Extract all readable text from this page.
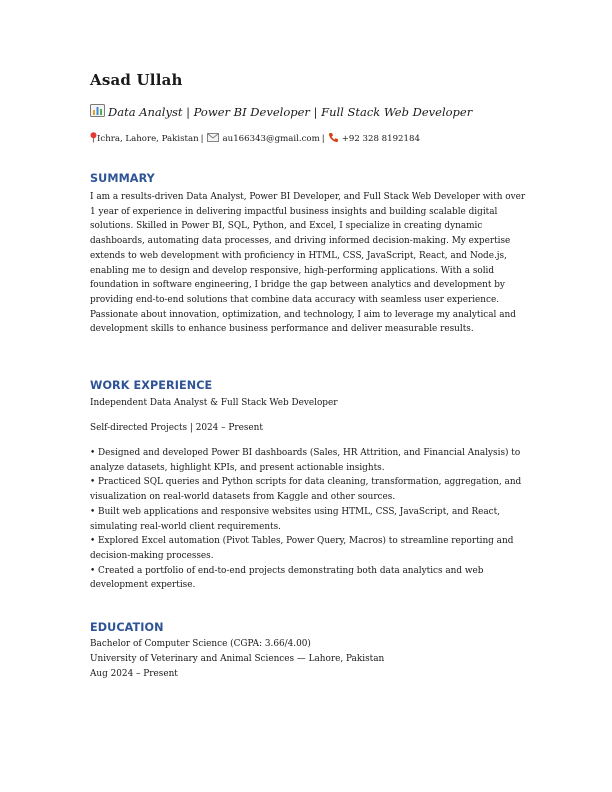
Asad Ullah
Data Analyst | Power BI Developer | Full Stack Web Developer
Ichra, Lahore, Pakistan | au166343@gmail.com | +92 328 8192184
SUMMARY
I am a results-driven Data Analyst, Power BI Developer, and Full Stack Web Developer with over 1 year of experience in delivering impactful business insights and building scalable digital solutions. Skilled in Power BI, SQL, Python, and Excel, I specialize in creating dynamic dashboards, automating data processes, and driving informed decision-making. My expertise extends to web development with proficiency in HTML, CSS, JavaScript, React, and Node.js, enabling me to design and develop responsive, high-performing applications. With a solid foundation in software engineering, I bridge the gap between analytics and development by providing end-to-end solutions that combine data accuracy with seamless user experience. Passionate about innovation, optimization, and technology, I aim to leverage my analytical and development skills to enhance business performance and deliver measurable results.
WORK EXPERIENCE
Independent Data Analyst & Full Stack Web Developer
Self-directed Projects | 2024 – Present
• Designed and developed Power BI dashboards (Sales, HR Attrition, and Financial Analysis) to analyze datasets, highlight KPIs, and present actionable insights.
• Practiced SQL queries and Python scripts for data cleaning, transformation, aggregation, and visualization on real-world datasets from Kaggle and other sources.
• Built web applications and responsive websites using HTML, CSS, JavaScript, and React, simulating real-world client requirements.
• Explored Excel automation (Pivot Tables, Power Query, Macros) to streamline reporting and decision-making processes.
• Created a portfolio of end-to-end projects demonstrating both data analytics and web development expertise.
EDUCATION
Bachelor of Computer Science (CGPA: 3.66/4.00)
University of Veterinary and Animal Sciences — Lahore, Pakistan
Aug 2024 – Present
